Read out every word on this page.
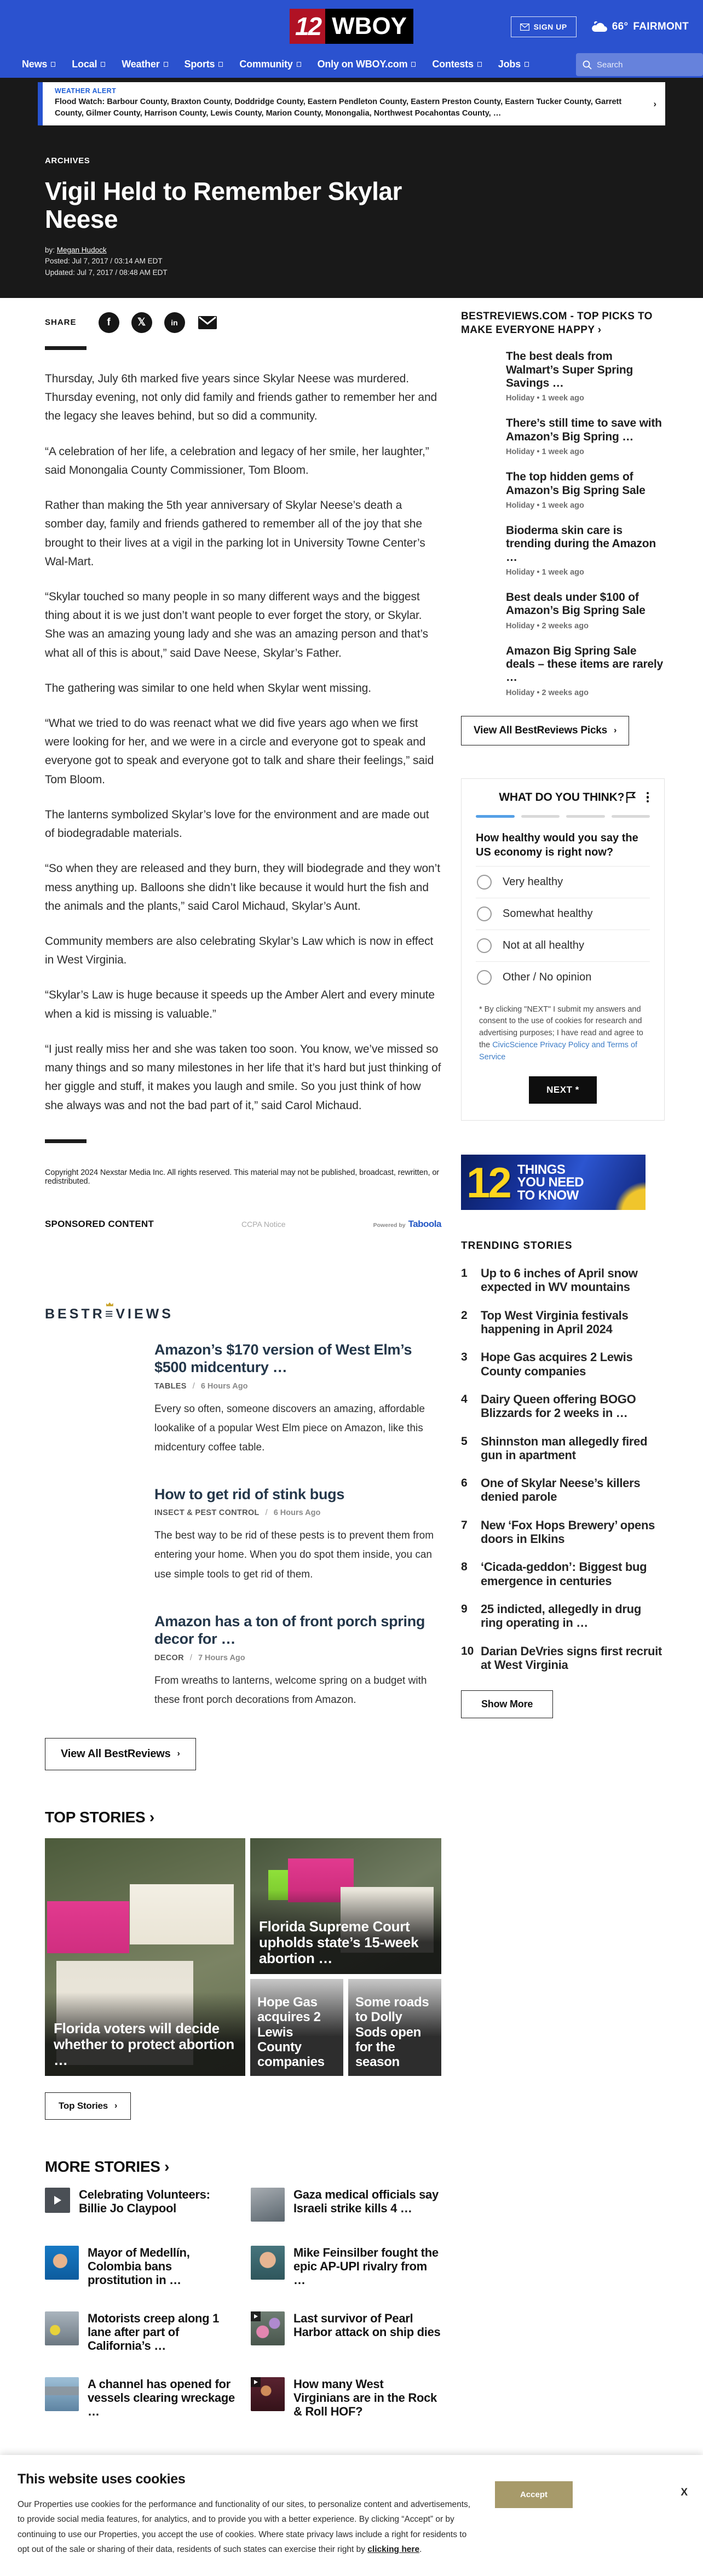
12 WBOY	SIGN UP	66° FAIRMONT
News	Local	Weather	Sports	Community	Only on WBOY.com	Contests	Jobs
Search
WEATHER ALERT
Flood Watch: Barbour County, Braxton County, Doddridge County, Eastern Pendleton County, Eastern Preston County, Eastern Tucker County, Garrett County, Gilmer County, Harrison County, Lewis County, Marion County, Monongalia, Northwest Pocahontas County, …
›
ARCHIVES
Vigil Held to Remember Skylar Neese
by: Megan Hudock
Posted: Jul 7, 2017 / 03:14 AM EDT
Updated: Jul 7, 2017 / 08:48 AM EDT
SHARE	f	𝕏	in

Thursday, July 6th marked five years since Skylar Neese was murdered. Thursday evening, not only did family and friends gather to remember her and the legacy she leaves behind, but so did a community.

“A celebration of her life, a celebration and legacy of her smile, her laughter,” said Monongalia County Commissioner, Tom Bloom.

Rather than making the 5th year anniversary of Skylar Neese’s death a somber day, family and friends gathered to remember all of the joy that she brought to their lives at a vigil in the parking lot in University Towne Center’s Wal-Mart.

“Skylar touched so many people in so many different ways and the biggest thing about it is we just don’t want people to ever forget the story, or Skylar. She was an amazing young lady and she was an amazing person and that’s what all of this is about,” said Dave Neese, Skylar’s Father.

The gathering was similar to one held when Skylar went missing.

“What we tried to do was reenact what we did five years ago when we first were looking for her, and we were in a circle and everyone got to speak and everyone got to speak and everyone got to talk and share their feelings,” said Tom Bloom.

The lanterns symbolized Skylar’s love for the environment and are made out of biodegradable materials.

“So when they are released and they burn, they will biodegrade and they won’t mess anything up. Balloons she didn’t like because it would hurt the fish and the animals and the plants,” said Carol Michaud, Skylar’s Aunt.

Community members are also celebrating Skylar’s Law which is now in effect in West Virginia.

“Skylar’s Law is huge because it speeds up the Amber Alert and every minute when a kid is missing is valuable.”

“I just really miss her and she was taken too soon. You know, we’ve missed so many things and so many milestones in her life that it’s hard but just thinking of her giggle and stuff, it makes you laugh and smile. So you just think of how she always was and not the bad part of it,” said Carol Michaud.

Copyright 2024 Nexstar Media Inc. All rights reserved. This material may not be published, broadcast, rewritten, or redistributed.
SPONSORED CONTENT	CCPA Notice	Powered by Taboola
BESTR ≡ VIEWS
Amazon’s $170 version of West Elm’s $500 midcentury …
TABLES / 6 Hours Ago
Every so often, someone discovers an amazing, affordable lookalike of a popular West Elm piece on Amazon, like this midcentury coffee table.
How to get rid of stink bugs
INSECT & PEST CONTROL / 6 Hours Ago
The best way to be rid of these pests is to prevent them from entering your home. When you do spot them inside, you can use simple tools to get rid of them.
Amazon has a ton of front porch spring decor for …
DECOR / 7 Hours Ago
From wreaths to lanterns, welcome spring on a budget with these front porch decorations from Amazon.
View All BestReviews ›
TOP STORIES ›
Florida voters will decide whether to protect abortion …
Florida Supreme Court upholds state’s 15-week abortion …
Hope Gas acquires 2 Lewis County companies
Some roads to Dolly Sods open for the season
Top Stories ›
MORE STORIES ›
Celebrating Volunteers: Billie Jo Claypool
Gaza medical officials say Israeli strike kills 4 …
Mayor of Medellín, Colombia bans prostitution in …
Mike Feinsilber fought the epic AP-UPI rivalry from …
Motorists creep along 1 lane after part of California’s …
Last survivor of Pearl Harbor attack on ship dies
A channel has opened for vessels clearing wreckage …
How many West Virginians are in the Rock & Roll HOF?
BESTREVIEWS.COM - TOP PICKS TO MAKE EVERYONE HAPPY ›
The best deals from Walmart’s Super Spring Savings …
Holiday • 1 week ago
There’s still time to save with Amazon’s Big Spring …
Holiday • 1 week ago
The top hidden gems of Amazon’s Big Spring Sale
Holiday • 1 week ago
Bioderma skin care is trending during the Amazon …
Holiday • 1 week ago
Best deals under $100 of Amazon’s Big Spring Sale
Holiday • 2 weeks ago
Amazon Big Spring Sale deals – these items are rarely …
Holiday • 2 weeks ago
View All BestReviews Picks ›
WHAT DO YOU THINK?
How healthy would you say the US economy is right now?
Very healthy
Somewhat healthy
Not at all healthy
Other / No opinion
* By clicking "NEXT" I submit my answers and consent to the use of cookies for research and advertising purposes; I have read and agree to the CivicScience Privacy Policy and Terms of Service
NEXT *
12 THINGS
YOU NEED
TO KNOW
TRENDING STORIES
1	Up to 6 inches of April snow expected in WV mountains
2	Top West Virginia festivals happening in April 2024
3	Hope Gas acquires 2 Lewis County companies
4	Dairy Queen offering BOGO Blizzards for 2 weeks in …
5	Shinnston man allegedly fired gun in apartment
6	One of Skylar Neese’s killers denied parole
7	New ‘Fox Hops Brewery’ opens doors in Elkins
8	‘Cicada-geddon’: Biggest bug emergence in centuries
9	25 indicted, allegedly in drug ring operating in …
10 Darian DeVries signs first recruit at West Virginia
Show More
This website uses cookies
Our Properties use cookies for the performance and functionality of our sites, to personalize content and advertisements, to provide social media features, for analytics, and to provide you with a better experience. By clicking “Accept” or by continuing to use our Properties, you accept the use of cookies. Where state privacy laws include a right for residents to opt out of the sale or sharing of their data, residents of such states can exercise their right by clicking here.
Accept	X
